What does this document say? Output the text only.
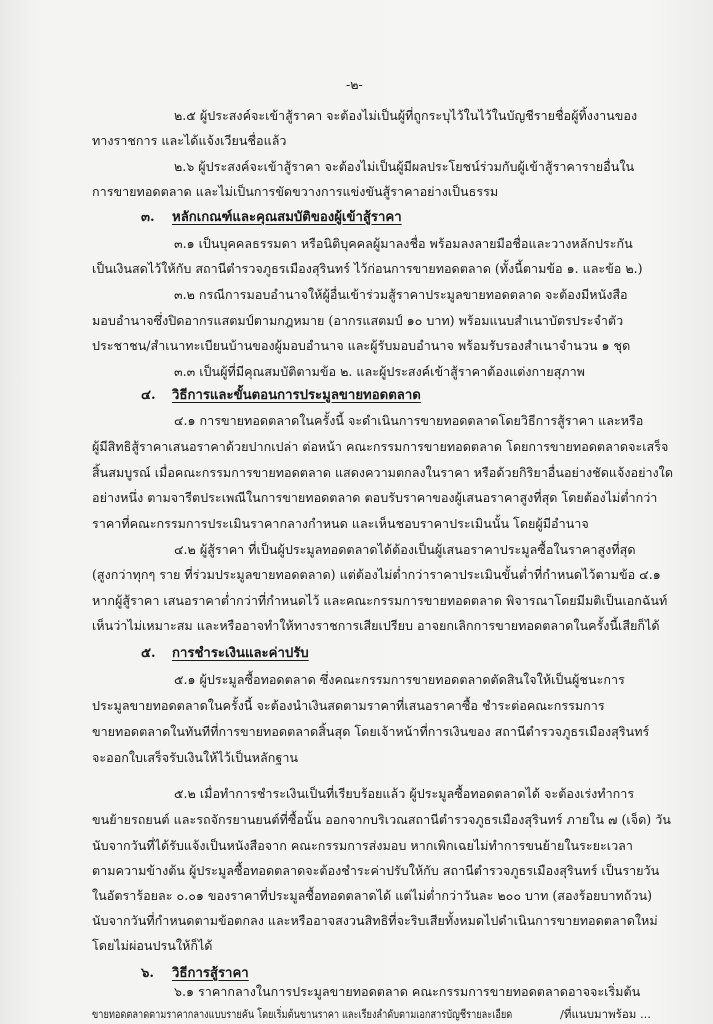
-๒-
๒.๕ ผู้ประสงค์จะเข้าสู้ราคา จะต้องไม่เป็นผู้ที่ถูกระบุไว้ในไว้ในบัญชีรายชื่อผู้ทิ้งงานของ
ทางราชการ และได้แจ้งเวียนชื่อแล้ว
๒.๖ ผู้ประสงค์จะเข้าสู้ราคา จะต้องไม่เป็นผู้มีผลประโยชน์ร่วมกับผู้เข้าสู้ราคารายอื่นใน
การขายทอดตลาด และไม่เป็นการขัดขวางการแข่งขันสู้ราคาอย่างเป็นธรรม
๓. หลักเกณฑ์และคุณสมบัติของผู้เข้าสู้ราคา
๓.๑ เป็นบุคคลธรรมดา หรือนิติบุคคลผู้มาลงชื่อ พร้อมลงลายมือชื่อและวางหลักประกัน
เป็นเงินสดไว้ให้กับ สถานีตำรวจภูธรเมืองสุรินทร์ ไว้ก่อนการขายทอดตลาด (ทั้งนี้ตามข้อ ๑. และข้อ ๒.)
๓.๒ กรณีการมอบอำนาจให้ผู้อื่นเข้าร่วมสู้ราคาประมูลขายทอดตลาด จะต้องมีหนังสือ
มอบอำนาจซึ่งปิดอากรแสตมป์ตามกฎหมาย (อากรแสตมป์ ๑๐ บาท) พร้อมแนบสำเนาบัตรประจำตัว
ประชาชน/สำเนาทะเบียนบ้านของผู้มอบอำนาจ และผู้รับมอบอำนาจ พร้อมรับรองสำเนาจำนวน ๑ ชุด
๓.๓ เป็นผู้ที่มีคุณสมบัติตามข้อ ๒. และผู้ประสงค์เข้าสู้ราคาต้องแต่งกายสุภาพ
๔. วิธีการและขั้นตอนการประมูลขายทอดตลาด
๔.๑ การขายทอดตลาดในครั้งนี้ จะดำเนินการขายทอดตลาดโดยวิธีการสู้ราคา และหรือ
ผู้มีสิทธิสู้ราคาเสนอราคาด้วยปากเปล่า ต่อหน้า คณะกรรมการขายทอดตลาด โดยการขายทอดตลาดจะเสร็จ
สิ้นสมบูรณ์ เมื่อคณะกรรมการขายทอดตลาด แสดงความตกลงในราคา หรือด้วยกิริยาอื่นอย่างชัดแจ้งอย่างใด
อย่างหนึ่ง ตามจารีตประเพณีในการขายทอดตลาด ตอบรับราคาของผู้เสนอราคาสูงที่สุด โดยต้องไม่ต่ำกว่า
ราคาที่คณะกรรมการประเมินราคากลางกำหนด และเห็นชอบราคาประเมินนั้น โดยผู้มีอำนาจ
๔.๒ ผู้สู้ราคา ที่เป็นผู้ประมูลทอดตลาดได้ต้องเป็นผู้เสนอราคาประมูลซื้อในราคาสูงที่สุด
(สูงกว่าทุกๆ ราย ที่ร่วมประมูลขายทอดตลาด) แต่ต้องไม่ต่ำกว่าราคาประเมินขั้นต่ำที่กำหนดไว้ตามข้อ ๔.๑
หากผู้สู้ราคา เสนอราคาต่ำกว่าที่กำหนดไว้ และคณะกรรมการขายทอดตลาด พิจารณาโดยมีมติเป็นเอกฉันท์
เห็นว่าไม่เหมาะสม และหรืออาจทำให้ทางราชการเสียเปรียบ อาจยกเลิกการขายทอดตลาดในครั้งนี้เสียก็ได้
๕. การชำระเงินและค่าปรับ
๕.๑ ผู้ประมูลซื้อทอดตลาด ซึ่งคณะกรรมการขายทอดตลาดตัดสินใจให้เป็นผู้ชนะการ
ประมูลขายทอดตลาดในครั้งนี้ จะต้องนำเงินสดตามราคาที่เสนอราคาซื้อ ชำระต่อคณะกรรมการ
ขายทอดตลาดในทันทีที่การขายทอดตลาดสิ้นสุด โดยเจ้าหน้าที่การเงินของ สถานีตำรวจภูธรเมืองสุรินทร์
จะออกใบเสร็จรับเงินให้ไว้เป็นหลักฐาน
๕.๒ เมื่อทำการชำระเงินเป็นที่เรียบร้อยแล้ว ผู้ประมูลซื้อทอดตลาดได้ จะต้องเร่งทำการ
ขนย้ายรถยนต์ และรถจักรยานยนต์ที่ซื้อนั้น ออกจากบริเวณสถานีตำรวจภูธรเมืองสุรินทร์ ภายใน ๗ (เจ็ด) วัน
นับจากวันที่ได้รับแจ้งเป็นหนังสือจาก คณะกรรมการส่งมอบ หากเพิกเฉยไม่ทำการขนย้ายในระยะเวลา
ตามความข้างต้น ผู้ประมูลซื้อทอดตลาดจะต้องชำระค่าปรับให้กับ สถานีตำรวจภูธรเมืองสุรินทร์ เป็นรายวัน
ในอัตราร้อยละ ๐.๐๑ ของราคาที่ประมูลซื้อทอดตลาดได้ แต่ไม่ต่ำกว่าวันละ ๒๐๐ บาท (สองร้อยบาทถ้วน)
นับจากวันที่กำหนดตามข้อตกลง และหรืออาจสงวนสิทธิที่จะริบเสียทั้งหมดไปดำเนินการขายทอดตลาดใหม่
โดยไม่ผ่อนปรนให้ก็ได้
๖. วิธีการสู้ราคา
๖.๑ ราคากลางในการประมูลขายทอดตลาด คณะกรรมการขายทอดตลาดอาจจะเริ่มต้น
ขายทอดตลาดตามราคากลางแบบรายคัน โดยเริ่มต้นขานราคา และเรียงลำดับตามเอกสารบัญชีรายละเอียด	/ที่แนบมาพร้อม ...
